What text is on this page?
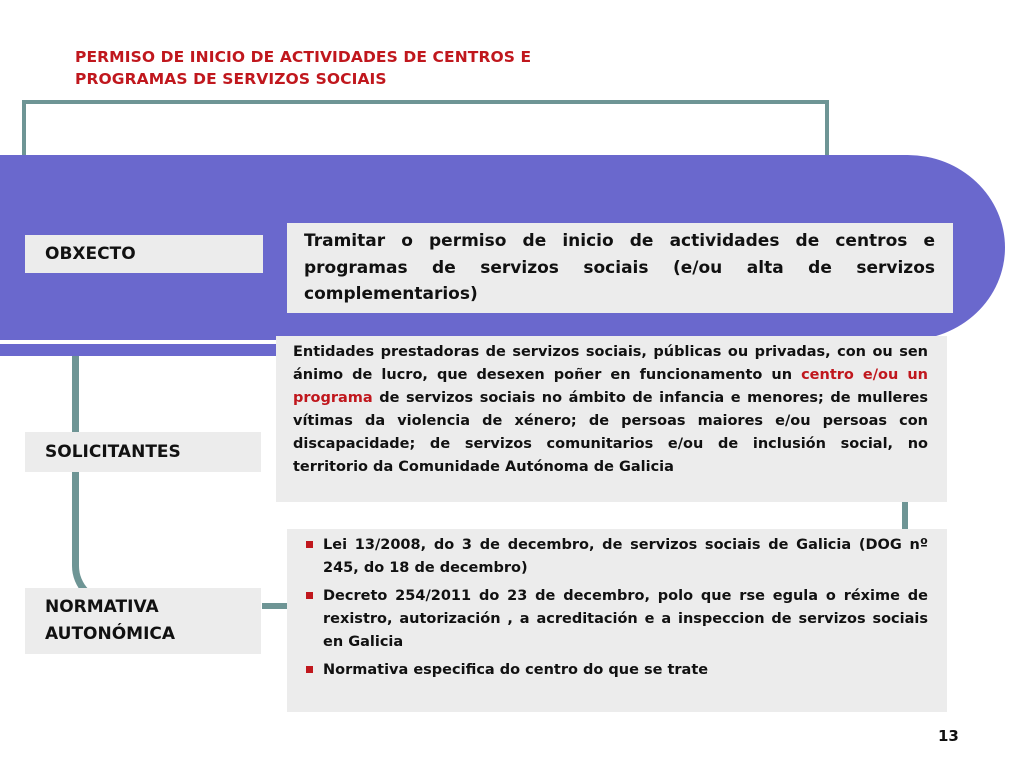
PERMISO DE INICIO DE ACTIVIDADES DE CENTROS E
PROGRAMAS DE SERVIZOS SOCIAIS
OBXECTO
Tramitar o permiso de inicio de actividades de centros e programas de servizos sociais (e/ou alta de servizos complementarios)
SOLICITANTES
Entidades prestadoras de servizos sociais, públicas ou privadas, con ou sen ánimo de lucro, que desexen poñer en funcionamento un centro e/ou un programa de servizos sociais no ámbito de infancia e menores; de mulleres vítimas da violencia de xénero; de persoas maiores e/ou persoas con discapacidade; de servizos comunitarios e/ou de inclusión social, no territorio da Comunidade Autónoma de Galicia
NORMATIVA
AUTONÓMICA
Lei 13/2008, do 3 de decembro, de servizos sociais de Galicia (DOG nº 245, do 18 de decembro)
Decreto 254/2011 do 23 de decembro, polo que rse egula o réxime de rexistro, autorización , a acreditación e a inspeccion de servizos sociais en Galicia
Normativa especifica do centro do que se trate
13
